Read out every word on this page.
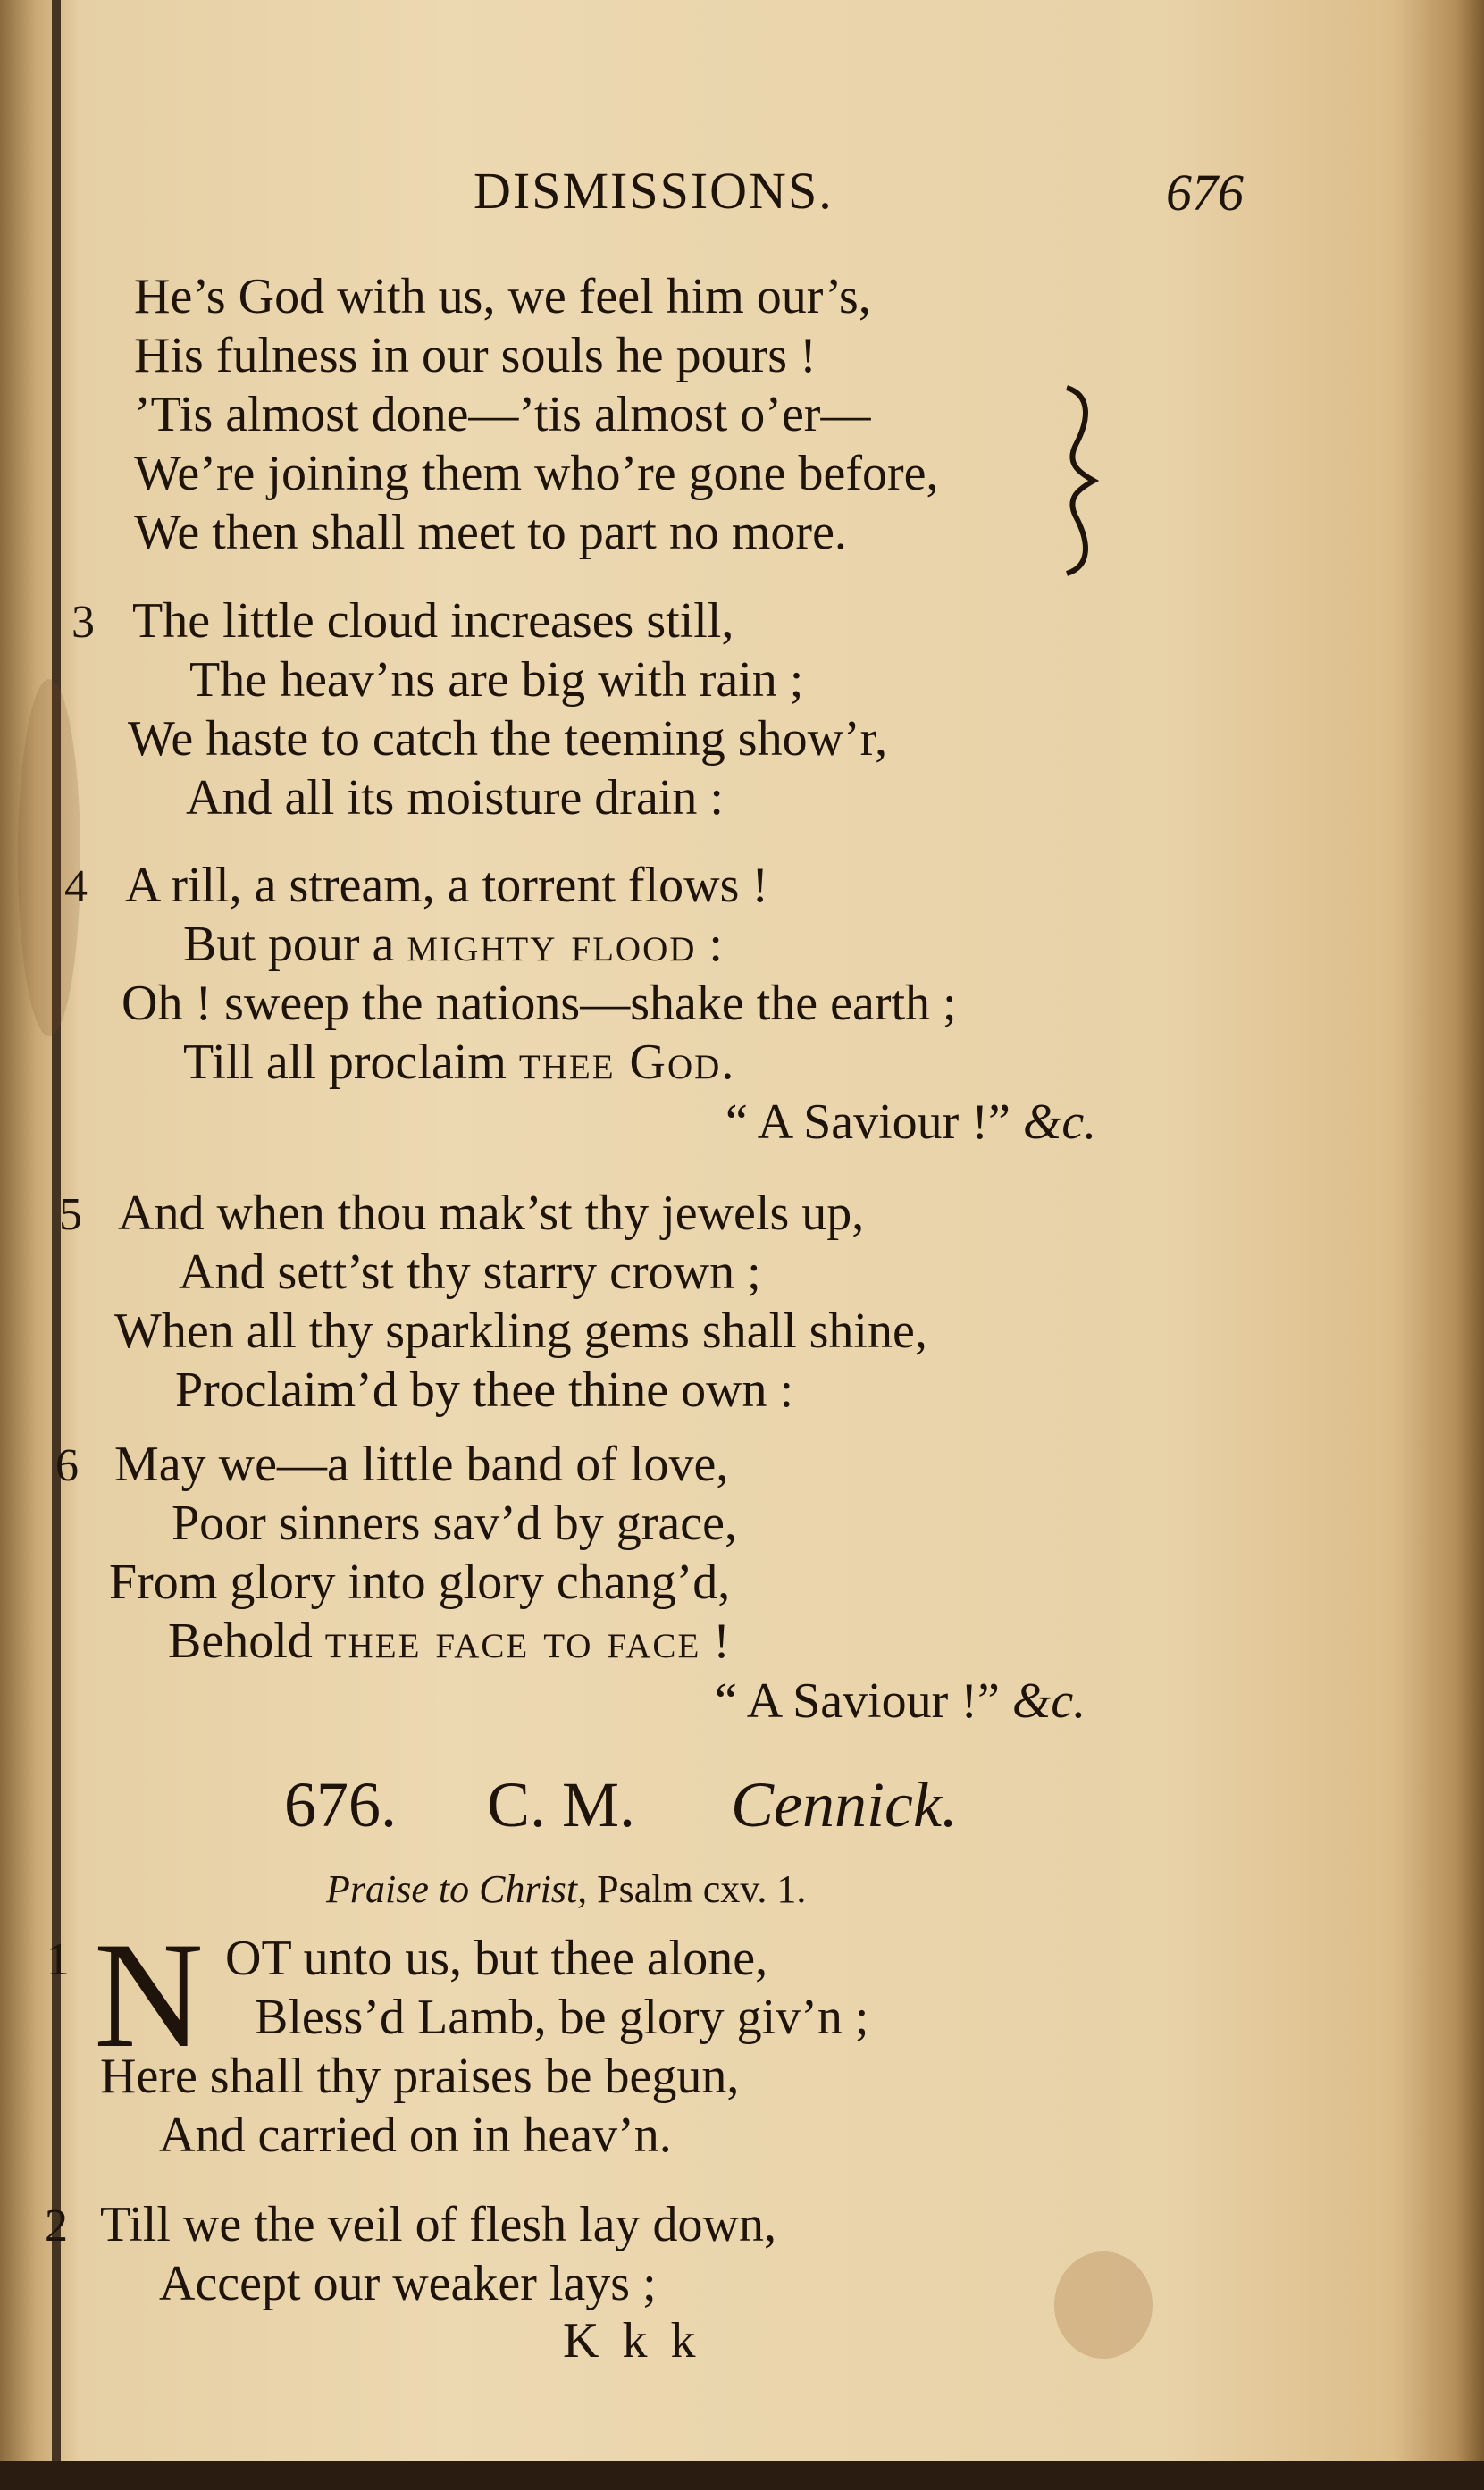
DISMISSIONS.	676
He’s God with us, we feel him our’s,
His fulness in our souls he pours !
’Tis almost done—’tis almost o’er—
We’re joining them who’re gone before,
We then shall meet to part no more.
3 The little cloud increases still,
The heav’ns are big with rain ;
We haste to catch the teeming show’r,
And all its moisture drain :
4 A rill, a stream, a torrent flows !
But pour a mighty flood :
Oh ! sweep the nations—shake the earth ;
Till all proclaim thee God.
“ A Saviour !” &c.
5 And when thou mak’st thy jewels up,
And sett’st thy starry crown ;
When all thy sparkling gems shall shine,
Proclaim’d by thee thine own :
6 May we—a little band of love,
Poor sinners sav’d by grace,
From glory into glory chang’d,
Behold thee face to face !
“ A Saviour !” &c.
676. C. M. Cennick.
Praise to Christ, Psalm cxv. 1.
1 N OT unto us, but thee alone,
Bless’d Lamb, be glory giv’n ;
Here shall thy praises be begun,
And carried on in heav’n.
2 Till we the veil of flesh lay down,
Accept our weaker lays ;
K k k
